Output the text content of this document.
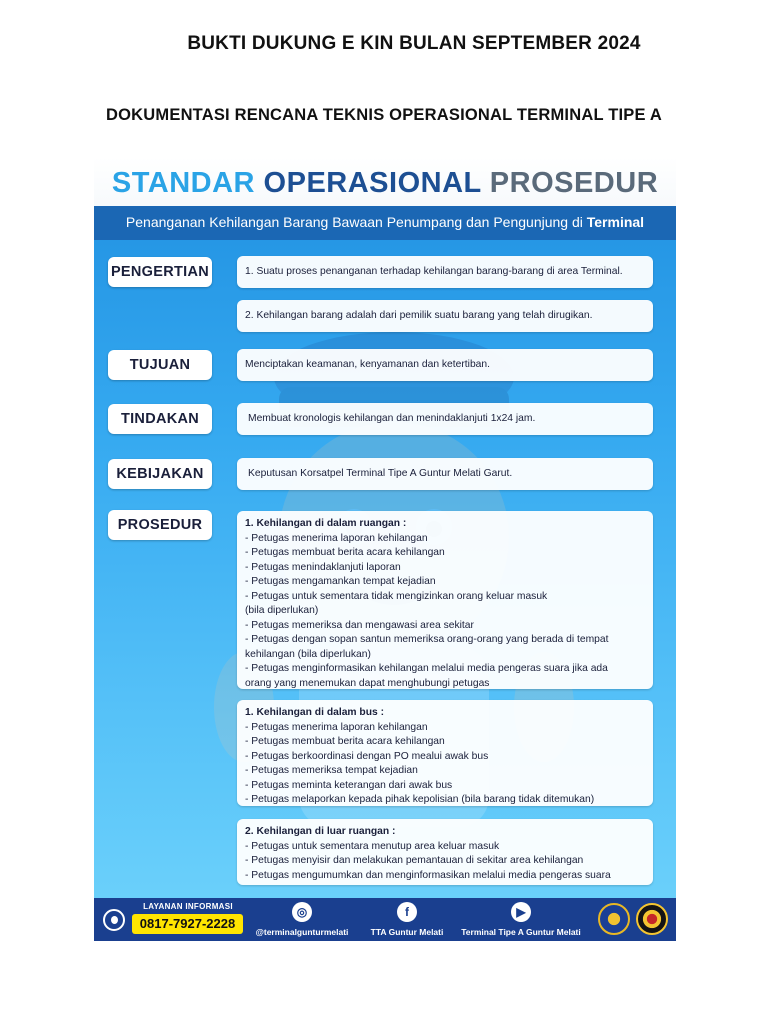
BUKTI DUKUNG E KIN BULAN SEPTEMBER 2024
DOKUMENTASI RENCANA TEKNIS OPERASIONAL TERMINAL TIPE A
STANDAR OPERASIONAL PROSEDUR
Penanganan Kehilangan Barang Bawaan Penumpang dan Pengunjung di Terminal
PENGERTIAN	1. Suatu proses penanganan terhadap kehilangan barang-barang di area Terminal.
2. Kehilangan barang adalah dari pemilik suatu barang yang telah dirugikan.
TUJUAN	Menciptakan keamanan, kenyamanan dan ketertiban.
TINDAKAN	Membuat kronologis kehilangan dan menindaklanjuti 1x24 jam.
KEBIJAKAN	Keputusan Korsatpel Terminal Tipe A Guntur Melati Garut.
PROSEDUR	1. Kehilangan di dalam ruangan :
- Petugas menerima laporan kehilangan
- Petugas membuat berita acara kehilangan
- Petugas menindaklanjuti laporan
- Petugas mengamankan tempat kejadian
- Petugas untuk sementara tidak mengizinkan orang keluar masuk
(bila diperlukan)
- Petugas memeriksa dan mengawasi area sekitar
- Petugas dengan sopan santun memeriksa orang-orang yang berada di tempat
kehilangan (bila diperlukan)
- Petugas menginformasikan kehilangan melalui media pengeras suara jika ada
orang yang menemukan dapat menghubungi petugas
1. Kehilangan di dalam bus :
- Petugas menerima laporan kehilangan
- Petugas membuat berita acara kehilangan
- Petugas berkoordinasi dengan PO mealui awak bus
- Petugas memeriksa tempat kejadian
- Petugas meminta keterangan dari awak bus
- Petugas melaporkan kepada pihak kepolisian (bila barang tidak ditemukan)
2. Kehilangan di luar ruangan :
- Petugas untuk sementara menutup area keluar masuk
- Petugas menyisir dan melakukan pemantauan di sekitar area kehilangan
- Petugas mengumumkan dan menginformasikan melalui media pengeras suara
LAYANAN INFORMASI
0817-7927-2228
◎
@terminalgunturmelati
f
TTA Guntur Melati
▶
Terminal Tipe A Guntur Melati
